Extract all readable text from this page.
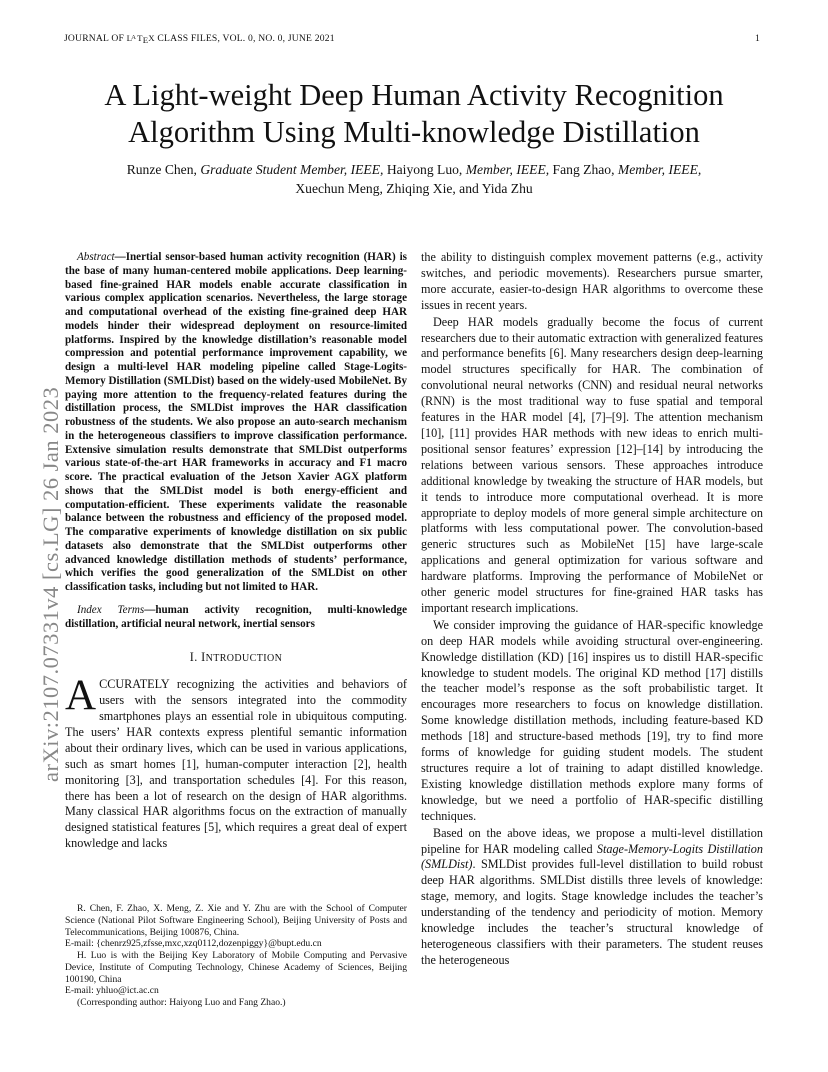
JOURNAL OF $L^ATEX$ CLASS FILES, VOL. 0, NO. 0, JUNE 2021	1
arXiv:2107.07331v4 [cs.LG] 26 Jan 2023
A Light-weight Deep Human Activity Recognition
Algorithm Using Multi-knowledge Distillation
Runze Chen, Graduate Student Member, IEEE, Haiyong Luo, Member, IEEE, Fang Zhao, Member, IEEE,
Xuechun Meng, Zhiqing Xie, and Yida Zhu
Abstract—Inertial sensor-based human activity recognition (HAR) is the base of many human-centered mobile applications. Deep learning-based fine-grained HAR models enable accurate classification in various complex application scenarios. Nevertheless, the large storage and computational overhead of the existing fine-grained deep HAR models hinder their widespread deployment on resource-limited platforms. Inspired by the knowledge distillation’s reasonable model compression and potential performance improvement capability, we design a multi-level HAR modeling pipeline called Stage-Logits-Memory Distillation (SMLDist) based on the widely-used MobileNet. By paying more attention to the frequency-related features during the distillation process, the SMLDist improves the HAR classification robustness of the students. We also propose an auto-search mechanism in the heterogeneous classifiers to improve classification performance. Extensive simulation results demonstrate that SMLDist outperforms various state-of-the-art HAR frameworks in accuracy and F1 macro score. The practical evaluation of the Jetson Xavier AGX platform shows that the SMLDist model is both energy-efficient and computation-efficient. These experiments validate the reasonable balance between the robustness and efficiency of the proposed model. The comparative experiments of knowledge distillation on six public datasets also demonstrate that the SMLDist outperforms other advanced knowledge distillation methods of students’ performance, which verifies the good generalization of the SMLDist on other classification tasks, including but not limited to HAR.
Index Terms—human activity recognition, multi-knowledge distillation, artificial neural network, inertial sensors
I. INTRODUCTION

ACCURATELY recognizing the activities and behaviors of users with the sensors integrated into the commodity smartphones plays an essential role in ubiquitous computing. The users’ HAR contexts express plentiful semantic information about their ordinary lives, which can be used in various applications, such as smart homes [1], human-computer interaction [2], health monitoring [3], and transportation schedules [4]. For this reason, there has been a lot of research on the design of HAR algorithms. Many classical HAR algorithms focus on the extraction of manually designed statistical features [5], which requires a great deal of expert knowledge and lacks

R. Chen, F. Zhao, X. Meng, Z. Xie and Y. Zhu are with the School of Computer Science (National Pilot Software Engineering School), Beijing University of Posts and Telecommunications, Beijing 100876, China.

E-mail: {chenrz925,zfsse,mxc,xzq0112,dozenpiggy}@bupt.edu.cn

H. Luo is with the Beijing Key Laboratory of Mobile Computing and Pervasive Device, Institute of Computing Technology, Chinese Academy of Sciences, Beijing 100190, China

E-mail: yhluo@ict.ac.cn

(Corresponding author: Haiyong Luo and Fang Zhao.)

the ability to distinguish complex movement patterns (e.g., activity switches, and periodic movements). Researchers pursue smarter, more accurate, easier-to-design HAR algorithms to overcome these issues in recent years.

Deep HAR models gradually become the focus of current researchers due to their automatic extraction with generalized features and performance benefits [6]. Many researchers design deep-learning model structures specifically for HAR. The combination of convolutional neural networks (CNN) and residual neural networks (RNN) is the most traditional way to fuse spatial and temporal features in the HAR model [4], [7]–[9]. The attention mechanism [10], [11] provides HAR methods with new ideas to enrich multi-positional sensor features’ expression [12]–[14] by introducing the relations between various sensors. These approaches introduce additional knowledge by tweaking the structure of HAR models, but it tends to introduce more computational overhead. It is more appropriate to deploy models of more general simple architecture on platforms with less computational power. The convolution-based generic structures such as MobileNet [15] have large-scale applications and general optimization for various software and hardware platforms. Improving the performance of MobileNet or other generic model structures for fine-grained HAR tasks has important research implications.

We consider improving the guidance of HAR-specific knowledge on deep HAR models while avoiding structural over-engineering. Knowledge distillation (KD) [16] inspires us to distill HAR-specific knowledge to student models. The original KD method [17] distills the teacher model’s response as the soft probabilistic target. It encourages more researchers to focus on knowledge distillation. Some knowledge distillation methods, including feature-based KD methods [18] and structure-based methods [19], try to find more forms of knowledge for guiding student models. The student structures require a lot of training to adapt distilled knowledge. Existing knowledge distillation methods explore many forms of knowledge, but we need a portfolio of HAR-specific distilling techniques.

Based on the above ideas, we propose a multi-level distillation pipeline for HAR modeling called Stage-Memory-Logits Distillation (SMLDist). SMLDist provides full-level distillation to build robust deep HAR algorithms. SMLDist distills three levels of knowledge: stage, memory, and logits. Stage knowledge includes the teacher’s understanding of the tendency and periodicity of motion. Memory knowledge includes the teacher’s structural knowledge of heterogeneous classifiers with their parameters. The student reuses the heterogeneous
